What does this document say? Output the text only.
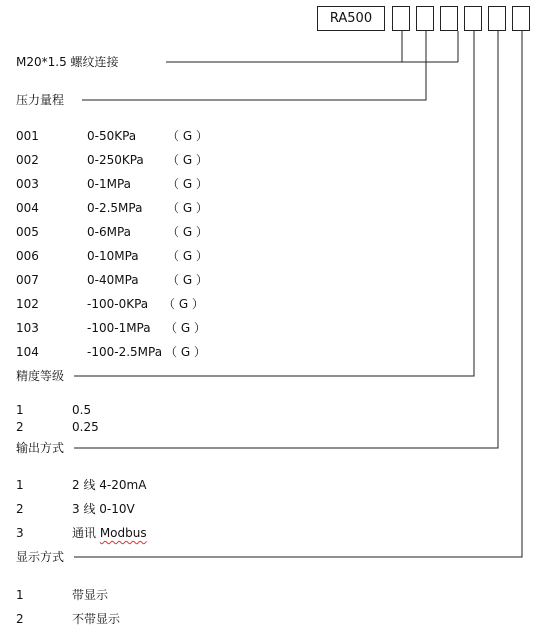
RA500
M20*1.5 螺纹连接
压力量程
001	0-50KPa	（ G ）
002	0-250KPa （ G ）
003	0-1MPa	（ G ）
004	0-2.5MPa （ G ）
005	0-6MPa	（ G ）
006	0-10MPa （ G ）
007	0-40MPa （ G ）
102	-100-0KPa （ G ）
103	-100-1MPa （ G ）
104	-100-2.5MPa （ G ）
精度等级
1	0.5
2	0.25
输出方式
1	2 线 4-20mA
2	3 线 0-10V
3	通讯 Modbus
显示方式
1	带显示
2	不带显示
